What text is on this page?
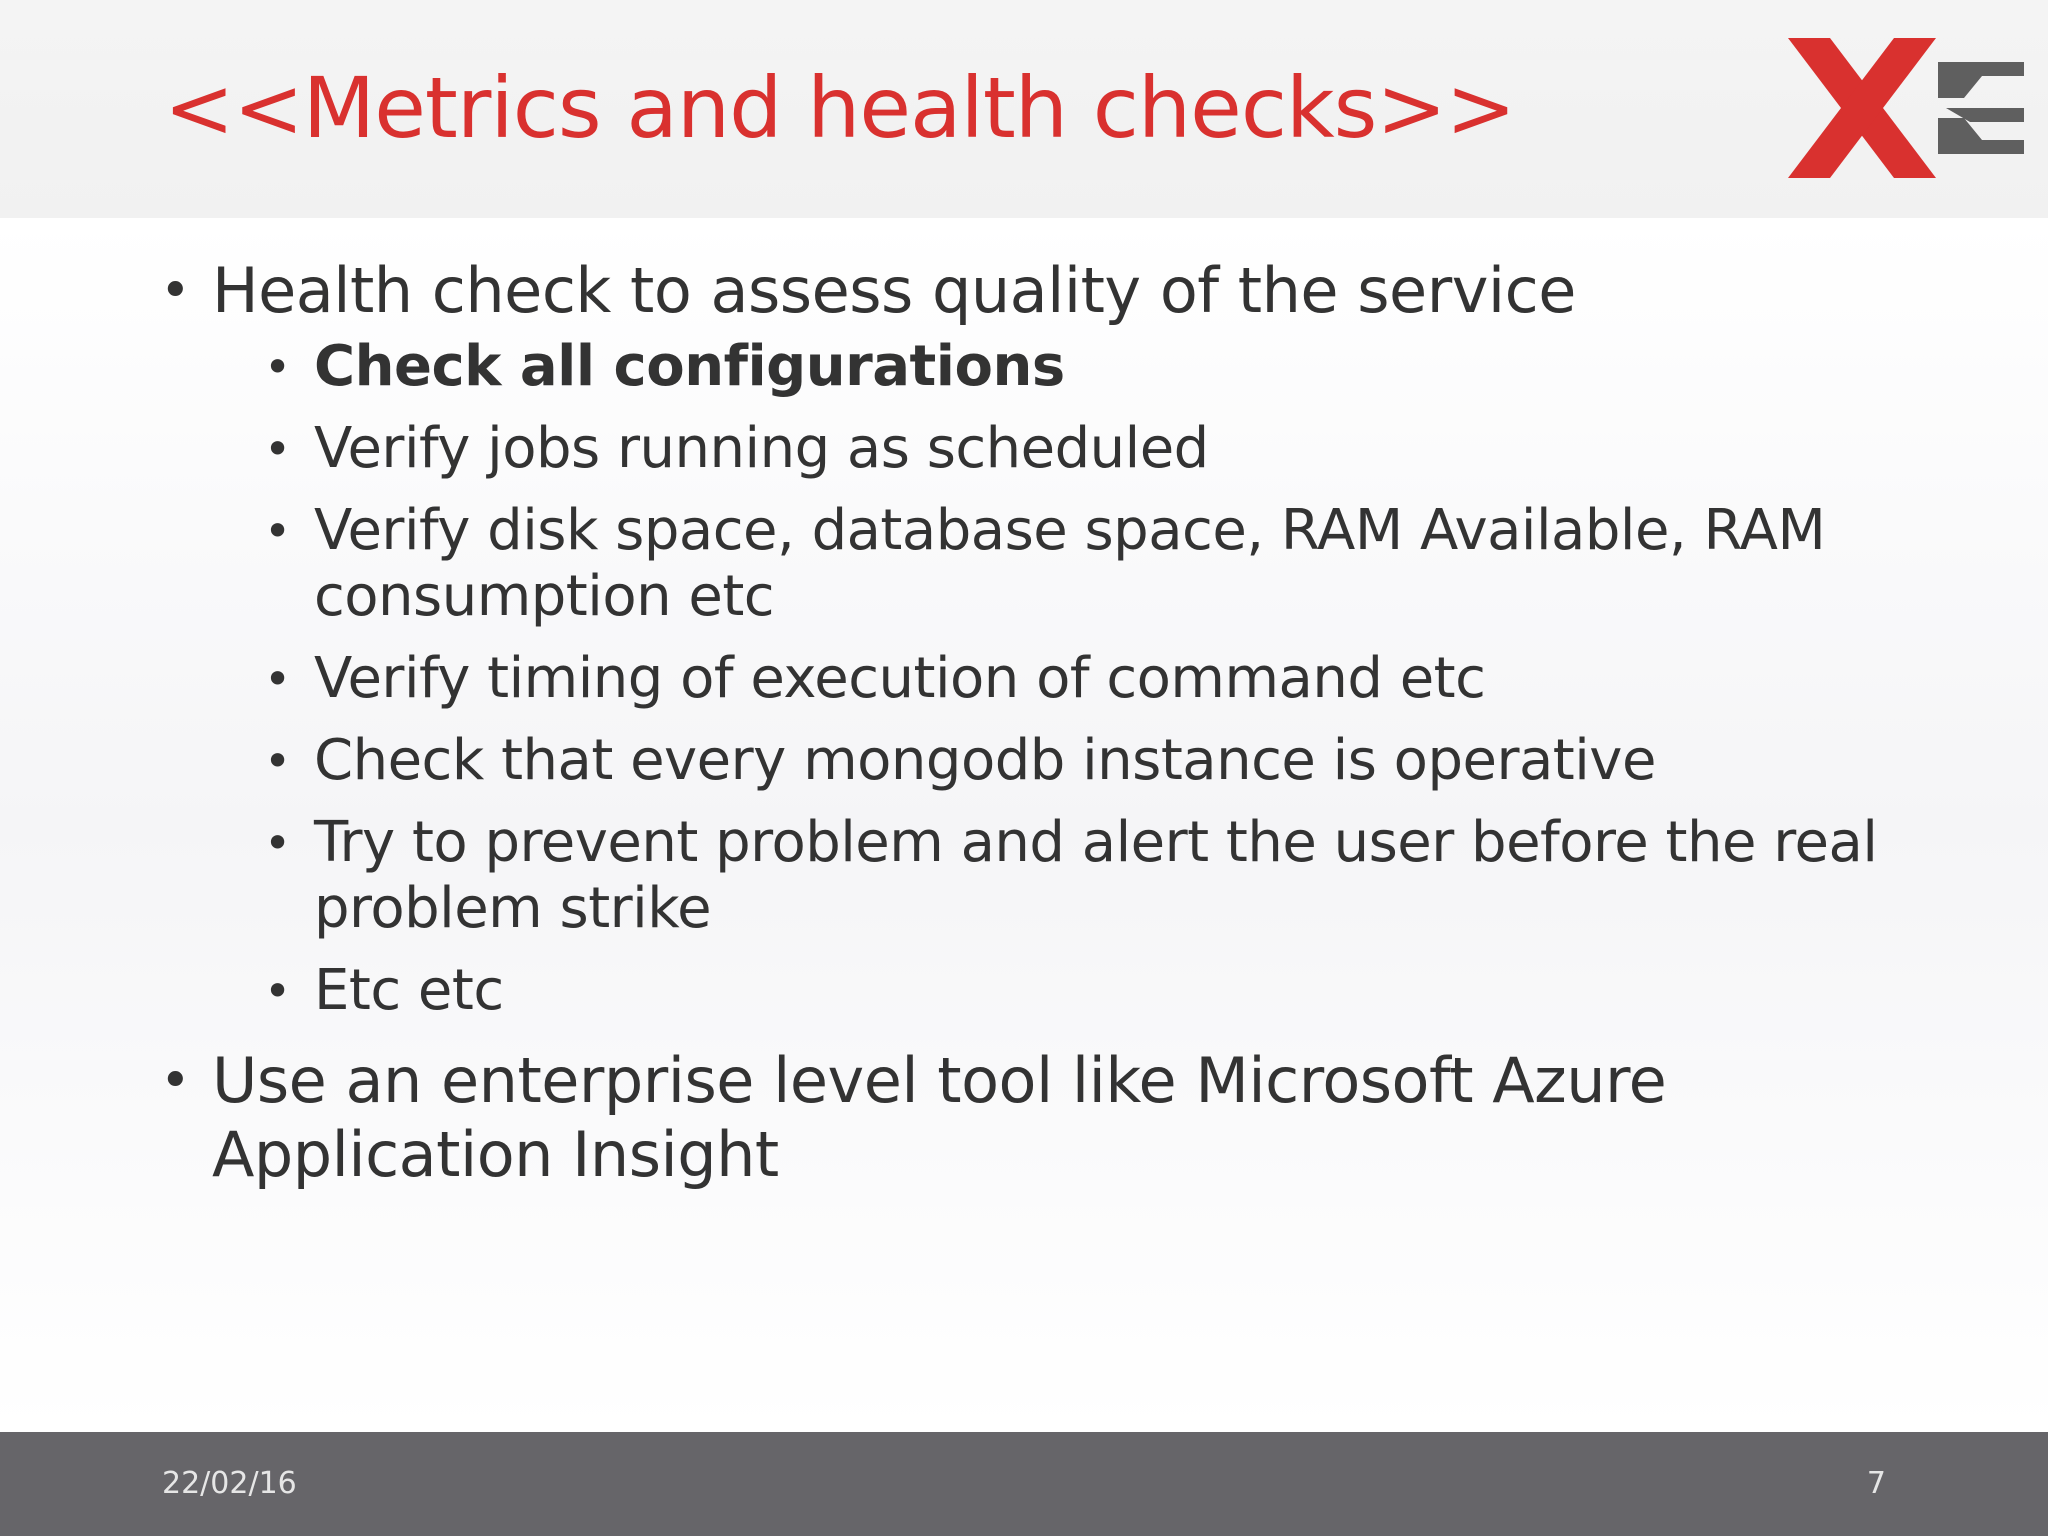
<<Metrics and health checks>>
• Health check to assess quality of the service
• Check all configurations
• Verify jobs running as scheduled
• Verify disk space, database space, RAM Available, RAM consumption etc
• Verify timing of execution of command etc
• Check that every mongodb instance is operative
• Try to prevent problem and alert the user before the real problem strike
• Etc etc
• Use an enterprise level tool like Microsoft Azure Application Insight
22/02/16	7
